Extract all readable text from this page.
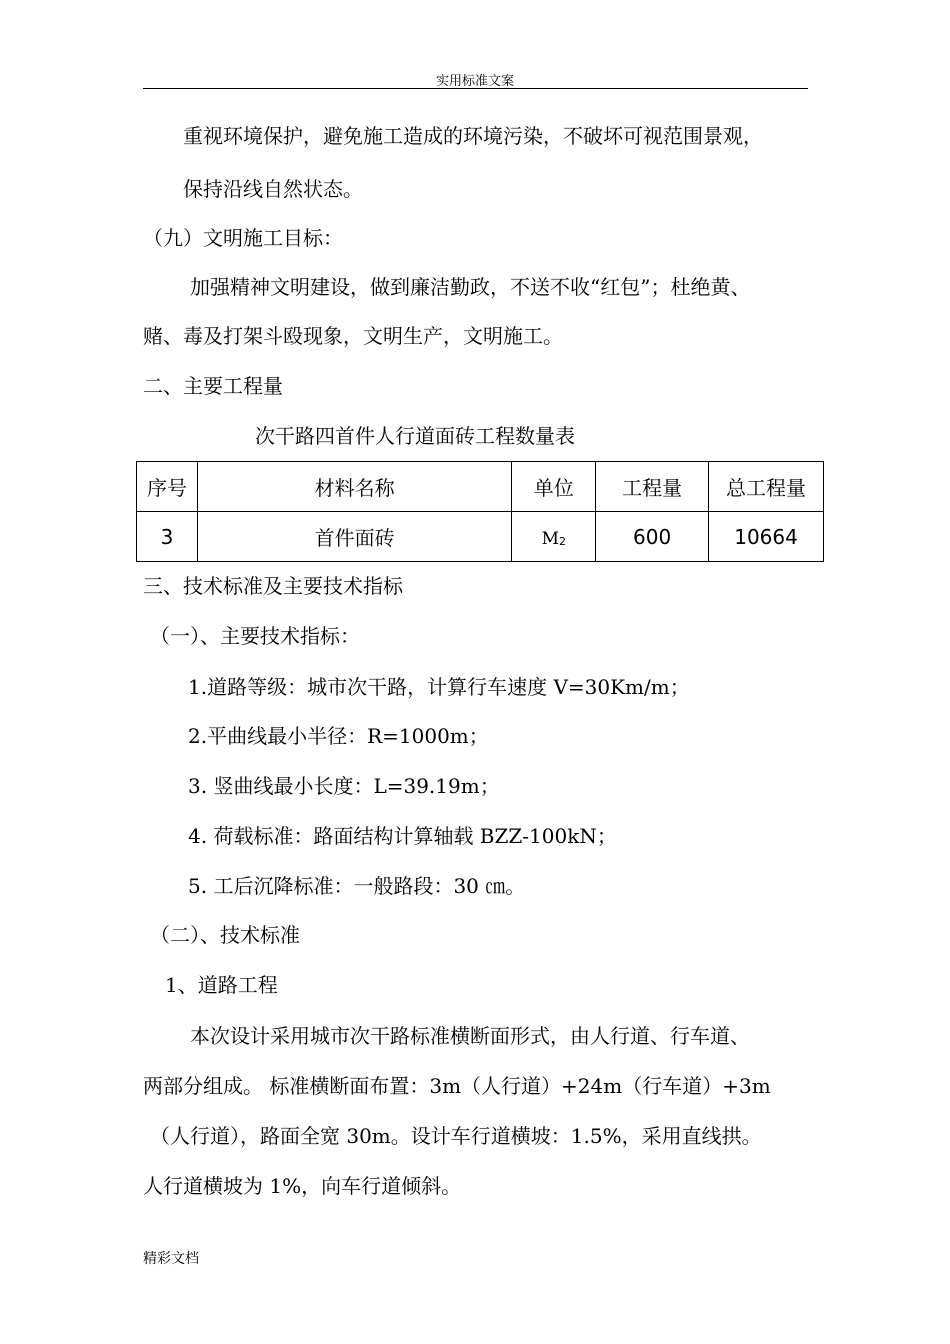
实用标准文案
重视环境保护，避免施工造成的环境污染，不破坏可视范围景观，
保持沿线自然状态。
（九）文明施工目标：
加强精神文明建设，做到廉洁勤政，不送不收“红包”；杜绝黄、
赌、毒及打架斗殴现象，文明生产，文明施工。
二、主要工程量
次干路四首件人行道面砖工程数量表
序号	材料名称	单位	工程量	总工程量
3	首件面砖	M2	600	10664
三、技术标准及主要技术指标
（一）、主要技术指标：
1.道路等级：城市次干路，计算行车速度 V=30Km/m；
2.平曲线最小半径：R=1000m；
3. 竖曲线最小长度：L=39.19m；
4. 荷载标准：路面结构计算轴载 BZZ-100kN；
5. 工后沉降标准：一般路段：30 ㎝。
（二）、技术标准
1、道路工程
本次设计采用城市次干路标准横断面形式，由人行道、行车道、
两部分组成。 标准横断面布置：3m（人行道）+24m（行车道）+3m
（人行道），路面全宽 30m。设计车行道横坡：1.5%，采用直线拱。
人行道横坡为 1%，向车行道倾斜。
精彩文档
